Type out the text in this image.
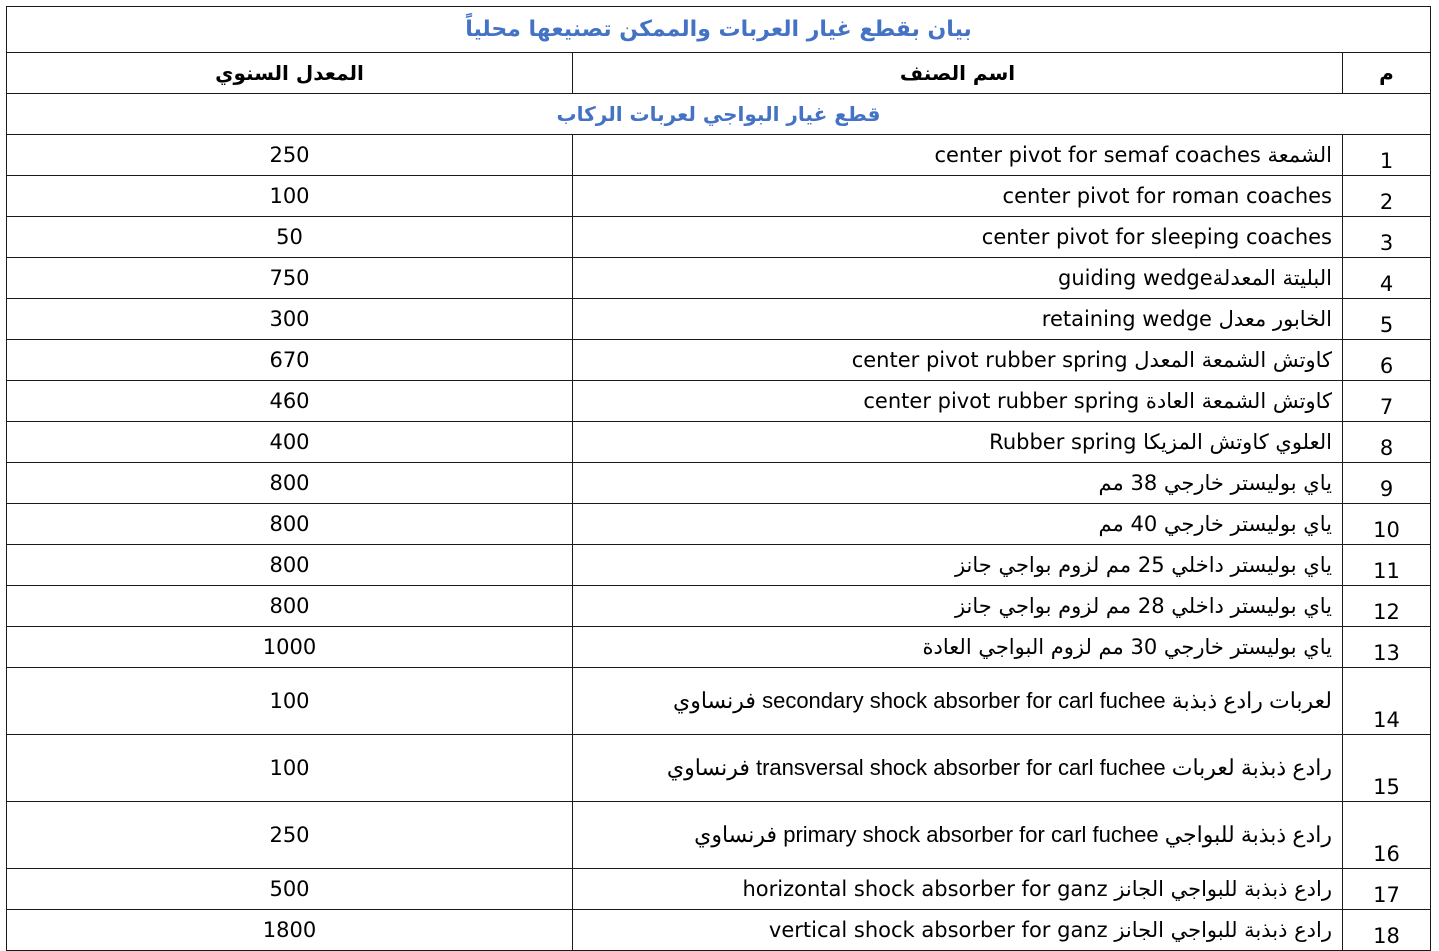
بيان بقطع غيار العربات والممكن تصنيعها محلياً		
المعدل السنوي	اسم الصنف	م
قطع غيار البواجي لعربات الركاب		
250	الشمعة center pivot for semaf coaches	1
100	center pivot for roman coaches	2
50	center pivot for sleeping coaches	3
750	البليتة المعدلةguiding wedge	4
300	الخابور معدل retaining wedge	5
670	كاوتش الشمعة المعدل center pivot rubber spring	6
460	كاوتش الشمعة العادة center pivot rubber spring	7
400	العلوي كاوتش المزيكا Rubber spring	8
800	ياي بوليستر خارجي 38 مم	9
800	ياي بوليستر خارجي 40 مم	10
800	ياي بوليستر داخلي 25 مم لزوم بواجي جانز	11
800	ياي بوليستر داخلي 28 مم لزوم بواجي جانز	12
1000	ياي بوليستر خارجي 30 مم لزوم البواجي العادة	13
100	لعربات رادع ذبذبة secondary shock absorber for carl fuchee فرنساوي	14
100	رادع ذبذبة لعربات transversal shock absorber for carl fuchee فرنساوي	15
250	رادع ذبذبة للبواجي primary shock absorber for carl fuchee فرنساوي	16
500	رادع ذبذبة للبواجي الجانز horizontal shock absorber for ganz	17
1800	رادع ذبذبة للبواجي الجانز vertical shock absorber for ganz	18
